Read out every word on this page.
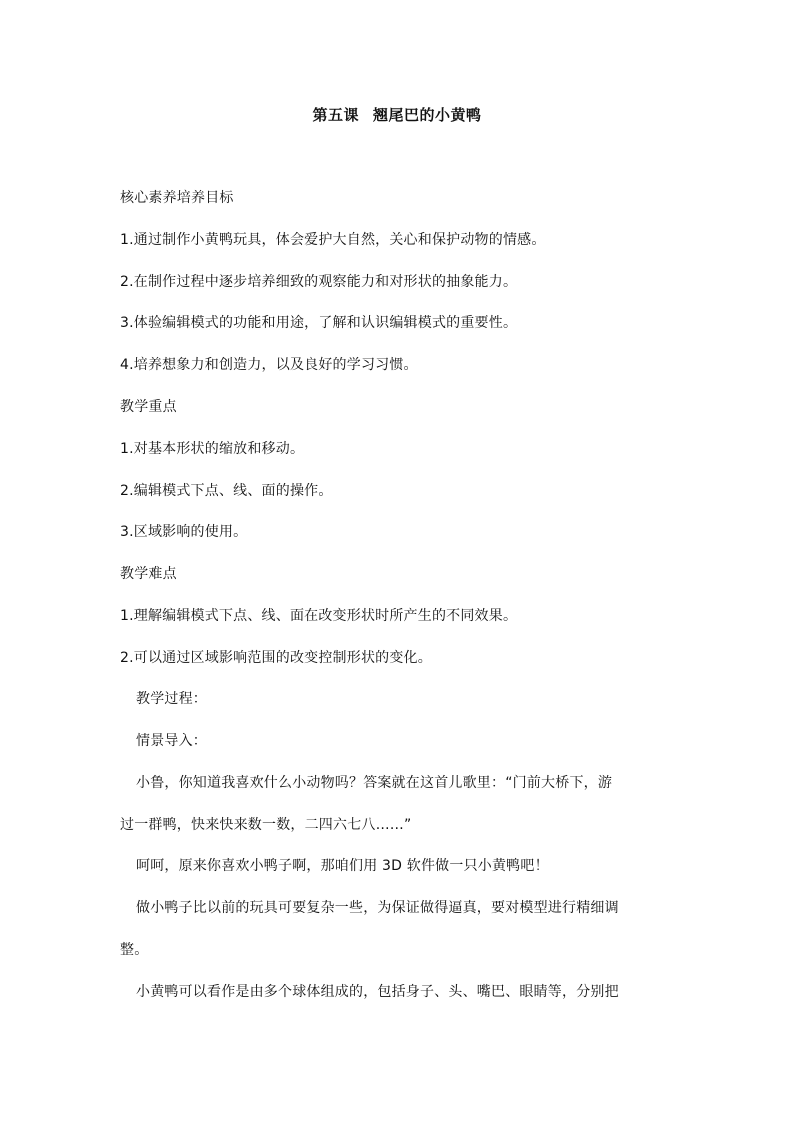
第五课 翘尾巴的小黄鸭
核心素养培养目标
1.通过制作小黄鸭玩具，体会爱护大自然，关心和保护动物的情感。
2.在制作过程中逐步培养细致的观察能力和对形状的抽象能力。
3.体验编辑模式的功能和用途，了解和认识编辑模式的重要性。
4.培养想象力和创造力，以及良好的学习习惯。
教学重点
1.对基本形状的缩放和移动。
2.编辑模式下点、线、面的操作。
3.区域影响的使用。
教学难点
1.理解编辑模式下点、线、面在改变形状时所产生的不同效果。
2.可以通过区域影响范围的改变控制形状的变化。
教学过程：
情景导入：
小鲁，你知道我喜欢什么小动物吗？答案就在这首儿歌里：“门前大桥下，游
过一群鸭，快来快来数一数，二四六七八……”
呵呵，原来你喜欢小鸭子啊，那咱们用 3D 软件做一只小黄鸭吧！
做小鸭子比以前的玩具可要复杂一些，为保证做得逼真，要对模型进行精细调
整。
小黄鸭可以看作是由多个球体组成的，包括身子、头、嘴巴、眼睛等，分别把
